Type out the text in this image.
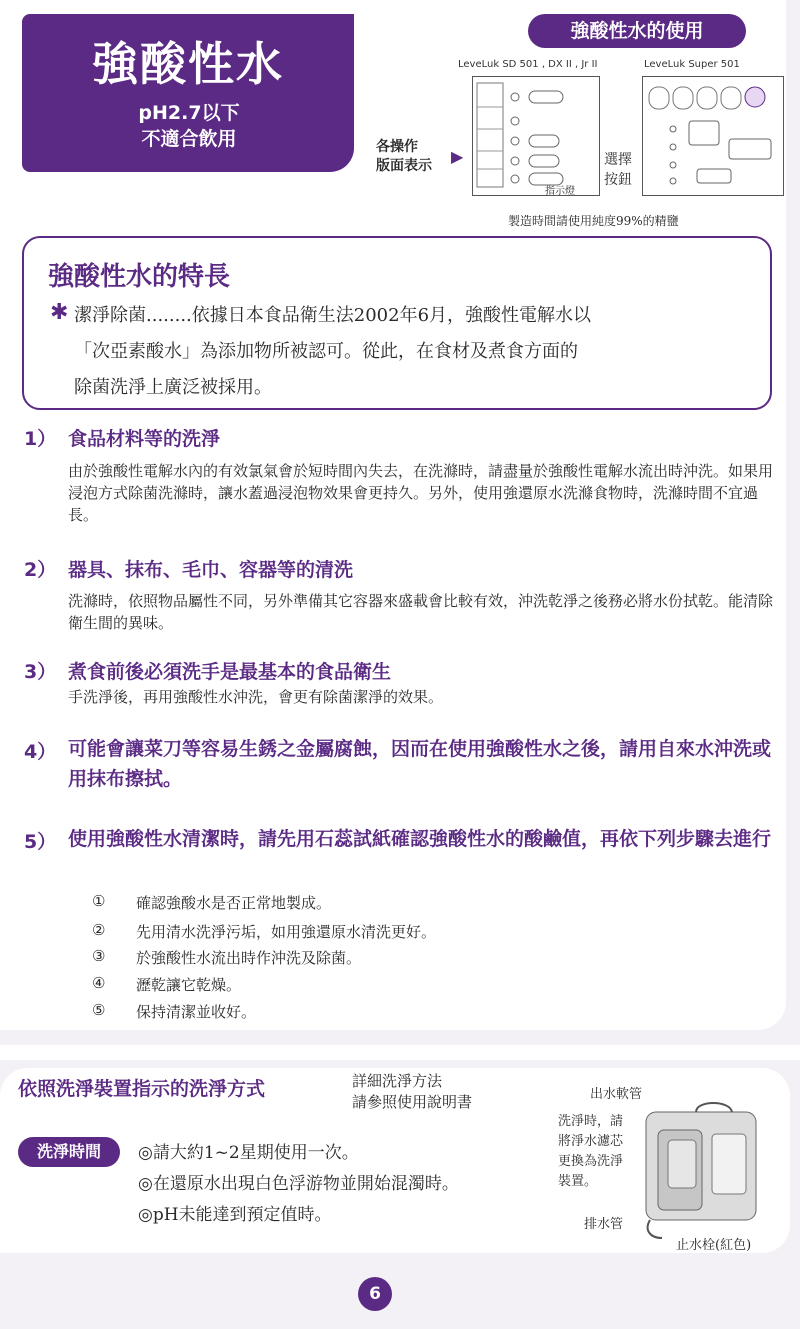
強酸性水
pH2.7以下
不適合飲用
強酸性水的使用
LeveLuk SD 501 , DX II , Jr II	LeveLuk Super 501
各操作
版面表示 ▶
指示燈
選擇
按鈕
製造時間請使用純度99%的精鹽
強酸性水的特長
✱ 潔淨除菌........依據日本食品衛生法2002年6月，強酸性電解水以
「次亞素酸水」為添加物所被認可。從此，在食材及煮食方面的
除菌洗淨上廣泛被採用。
1） 食品材料等的洗淨
由於強酸性電解水內的有效氯氣會於短時間內失去，在洗滌時，請盡量於強酸性電解水流出時沖洗。如果用浸泡方式除菌洗滌時，讓水蓋過浸泡物效果會更持久。另外，使用強還原水洗滌食物時，洗滌時間不宜過長。
2） 器具、抹布、毛巾、容器等的清洗
洗滌時，依照物品屬性不同，另外準備其它容器來盛載會比較有效，沖洗乾淨之後務必將水份拭乾。能清除衛生間的異味。
3） 煮食前後必須洗手是最基本的食品衛生
手洗淨後，再用強酸性水沖洗，會更有除菌潔淨的效果。
4） 可能會讓菜刀等容易生銹之金屬腐蝕，因而在使用強酸性水之後，請用自來水沖洗或用抹布擦拭。
5） 使用強酸性水清潔時，請先用石蕊試紙確認強酸性水的酸鹼值，再依下列步驟去進行
① 確認強酸水是否正常地製成。
② 先用清水洗淨污垢，如用強還原水清洗更好。
③ 於強酸性水流出時作沖洗及除菌。
④ 瀝乾讓它乾燥。
⑤ 保持清潔並收好。
依照洗淨裝置指示的洗淨方式	詳細洗淨方法
請參照使用說明書
洗淨時間	◎請大約1~2星期使用一次。
◎在還原水出現白色浮游物並開始混濁時。
◎pH未能達到預定值時。
出水軟管
洗淨時，請
將淨水濾芯
更換為洗淨
裝置。
排水管
止水栓(紅色)
6
